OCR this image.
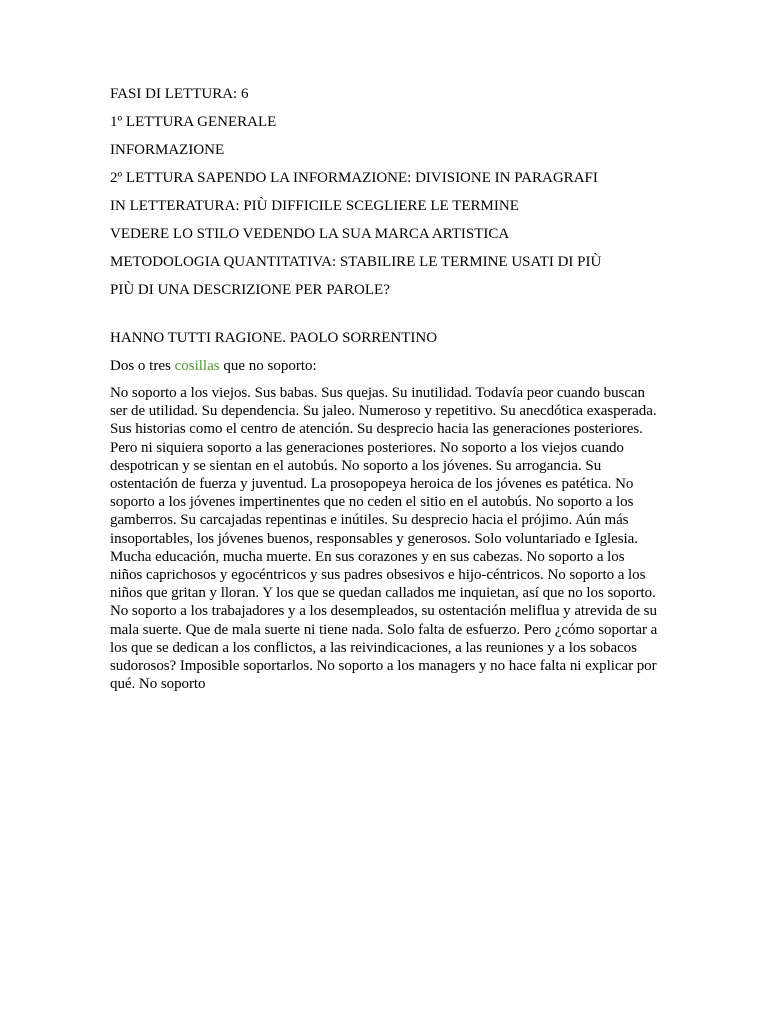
FASI DI LETTURA: 6

1º LETTURA GENERALE

INFORMAZIONE

2º LETTURA SAPENDO LA INFORMAZIONE: DIVISIONE IN PARAGRAFI

IN LETTERATURA: PIÙ DIFFICILE SCEGLIERE LE TERMINE

VEDERE LO STILO VEDENDO LA SUA MARCA ARTISTICA

METODOLOGIA QUANTITATIVA: STABILIRE LE TERMINE USATI DI PIÙ

PIÙ DI UNA DESCRIZIONE PER PAROLE?

HANNO TUTTI RAGIONE. PAOLO SORRENTINO

Dos o tres cosillas que no soporto:

No soporto a los viejos. Sus babas. Sus quejas. Su inutilidad. Todavía peor cuando buscan ser de utilidad. Su dependencia. Su jaleo. Numeroso y repetitivo. Su anecdótica exasperada. Sus historias como el centro de atención. Su desprecio hacia las generaciones posteriores. Pero ni siquiera soporto a las generaciones posteriores. No soporto a los viejos cuando despotrican y se sientan en el autobús. No soporto a los jóvenes. Su arrogancia. Su ostentación de fuerza y juventud. La prosopopeya heroica de los jóvenes es patética. No soporto a los jóvenes impertinentes que no ceden el sitio en el autobús. No soporto a los gamberros. Su carcajadas repentinas e inútiles. Su desprecio hacia el prójimo. Aún más insoportables, los jóvenes buenos, responsables y generosos. Solo voluntariado e Iglesia. Mucha educación, mucha muerte. En sus corazones y en sus cabezas. No soporto a los niños caprichosos y egocéntricos y sus padres obsesivos e hijo-céntricos. No soporto a los niños que gritan y lloran. Y los que se quedan callados me inquietan, así que no los soporto. No soporto a los trabajadores y a los desempleados, su ostentación meliflua y atrevida de su mala suerte. Que de mala suerte ni tiene nada. Solo falta de esfuerzo. Pero ¿cómo soportar a los que se dedican a los conflictos, a las reivindicaciones, a las reuniones y a los sobacos sudorosos? Imposible soportarlos. No soporto a los managers y no hace falta ni explicar por qué. No soporto
